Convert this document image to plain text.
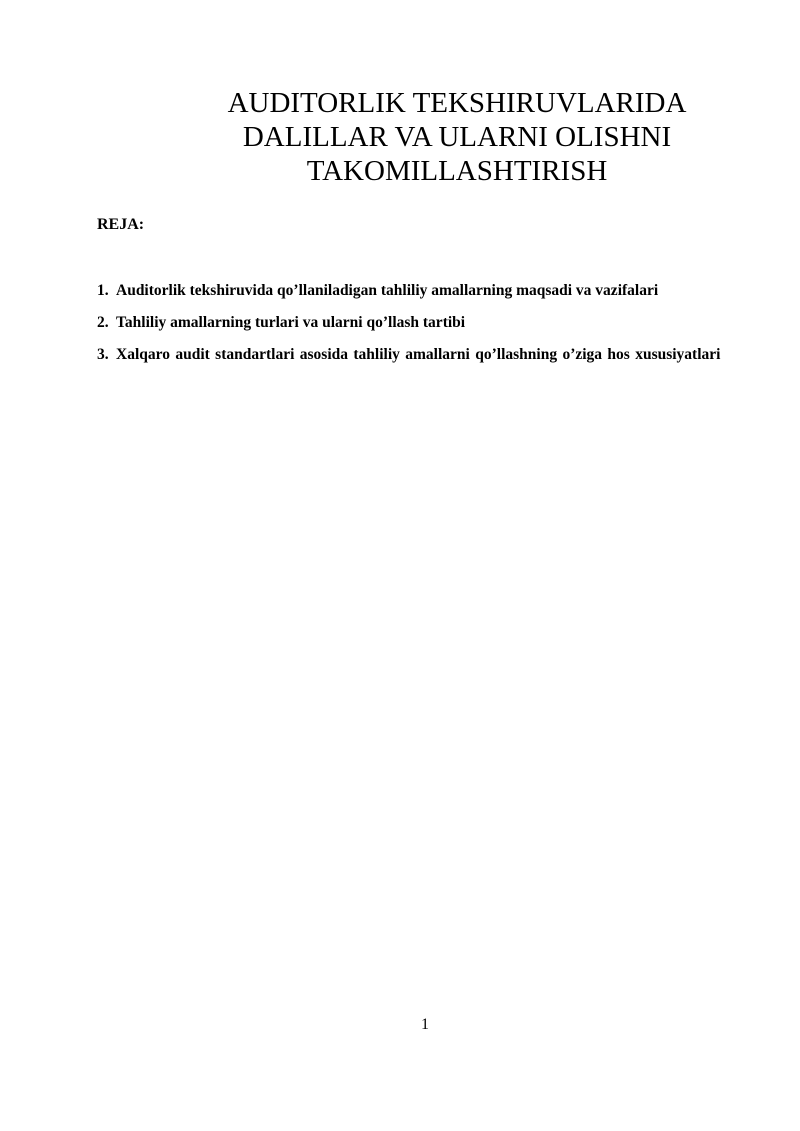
AUDITORLIK TEKSHIRUVLARIDA
DALILLAR VA ULARNI OLISHNI
TAKOMILLASHTIRISH

REJA:

1. Auditorlik tekshiruvida qo’llaniladigan tahliliy amallarning maqsadi va vazifalari
2. Tahliliy amallarning turlari va ularni qo’llash tartibi
3. Xalqaro audit standartlari asosida tahliliy amallarni qo’llashning o’ziga hos xususiyatlari

1
